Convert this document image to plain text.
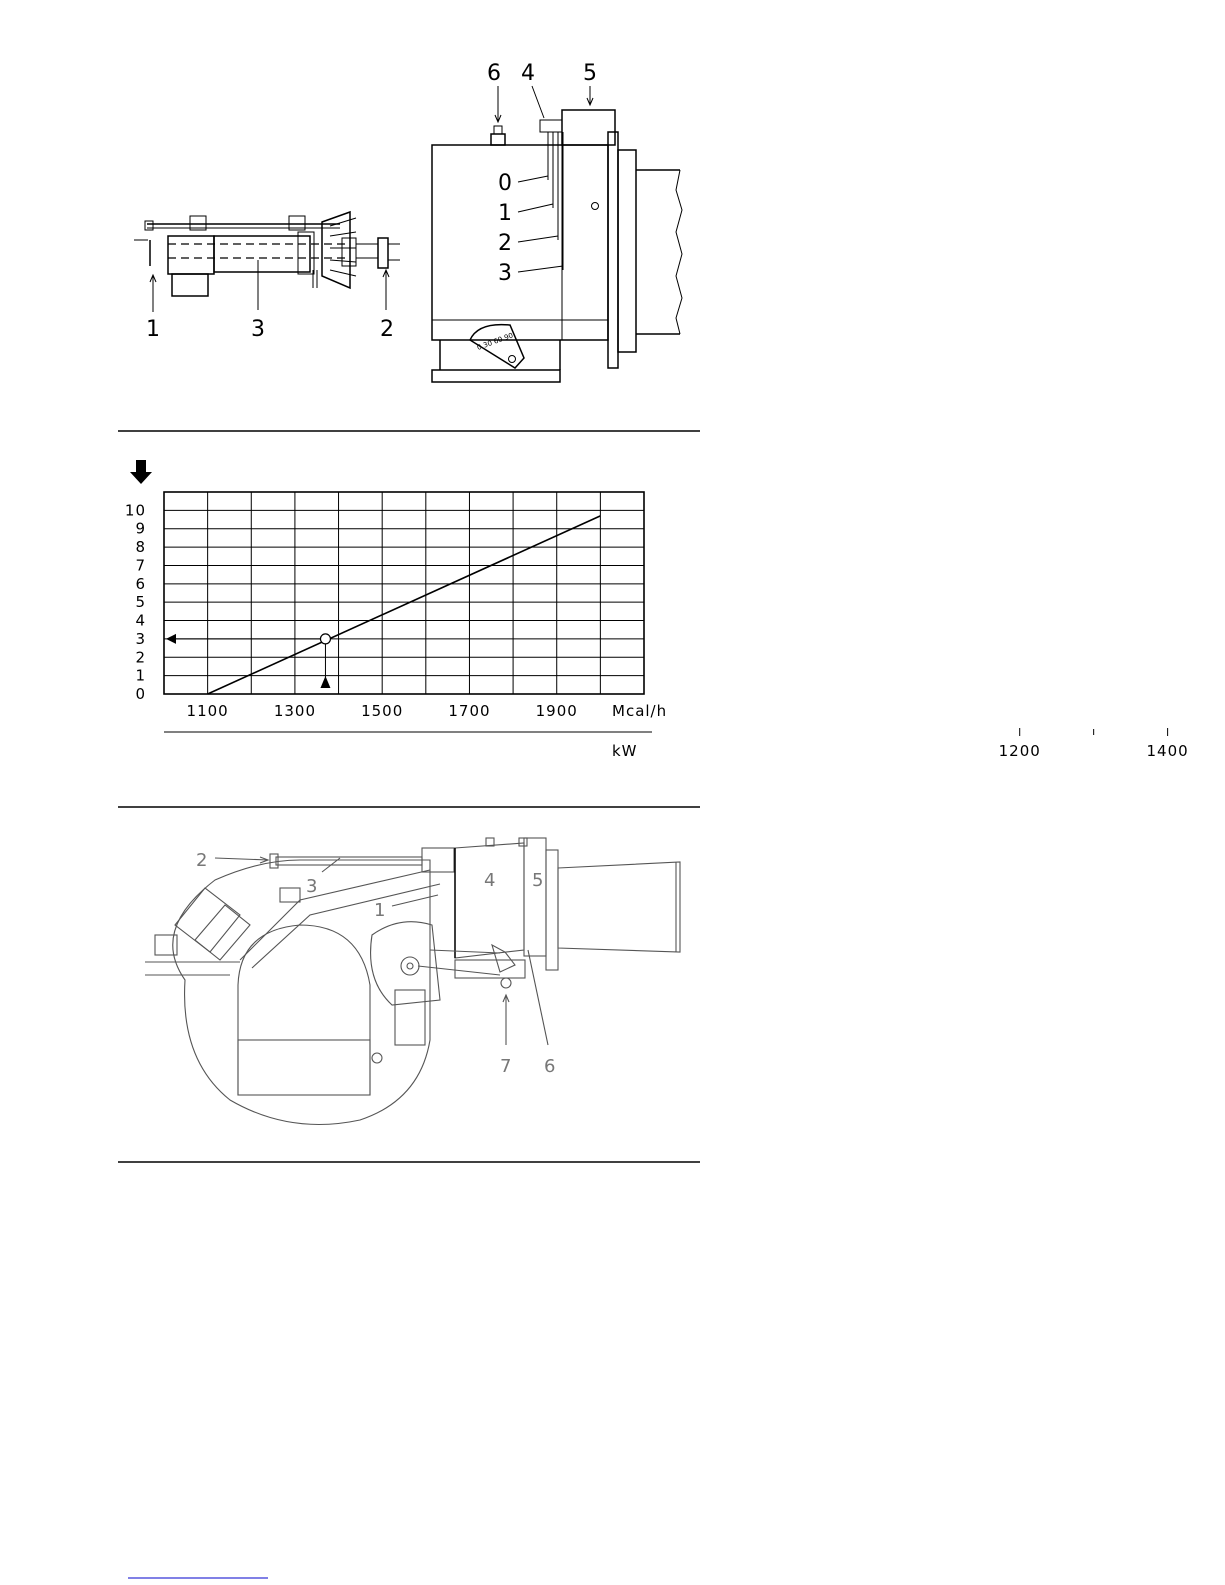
1	3	2
6 4 5
0
1
2
3
0 30 60 90
0
1
2
3
4
5
6
7
8
9
10
1100	1300	1500	1700	1900 Mcal/h
1200	1400
kW
2
3
1
4 5
7 6
